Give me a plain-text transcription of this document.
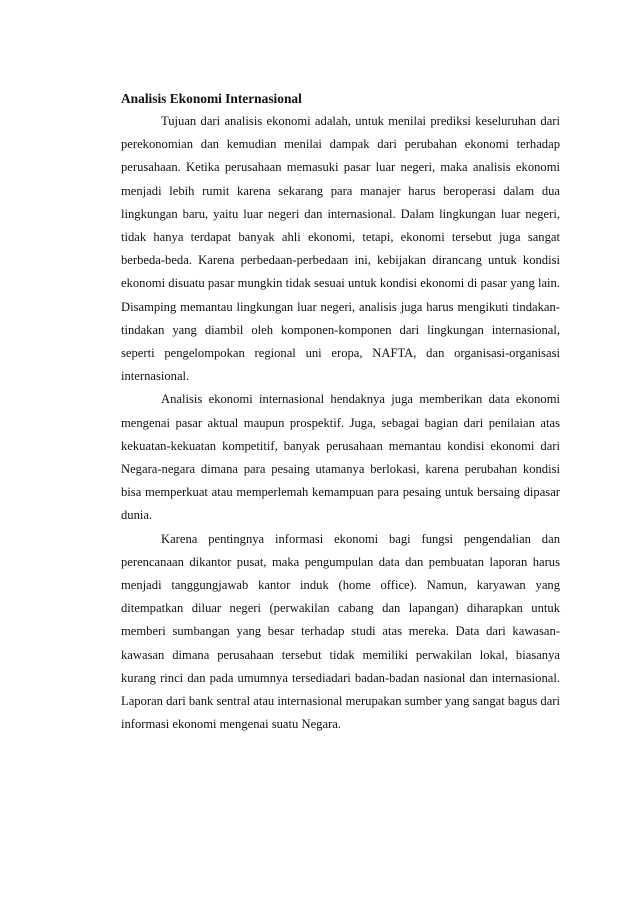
Analisis Ekonomi Internasional

Tujuan dari analisis ekonomi adalah, untuk menilai prediksi keseluruhan dari perekonomian dan kemudian menilai dampak dari perubahan ekonomi terhadap perusahaan. Ketika perusahaan memasuki pasar luar negeri, maka analisis ekonomi menjadi lebih rumit karena sekarang para manajer harus beroperasi dalam dua lingkungan baru, yaitu luar negeri dan internasional. Dalam lingkungan luar negeri, tidak hanya terdapat banyak ahli ekonomi, tetapi, ekonomi tersebut juga sangat berbeda-beda. Karena perbedaan-perbedaan ini, kebijakan dirancang untuk kondisi ekonomi disuatu pasar mungkin tidak sesuai untuk kondisi ekonomi di pasar yang lain. Disamping memantau lingkungan luar negeri, analisis juga harus mengikuti tindakan-tindakan yang diambil oleh komponen-komponen dari lingkungan internasional, seperti pengelompokan regional uni eropa, NAFTA, dan organisasi-organisasi internasional.

Analisis ekonomi internasional hendaknya juga memberikan data ekonomi mengenai pasar aktual maupun prospektif. Juga, sebagai bagian dari penilaian atas kekuatan-kekuatan kompetitif, banyak perusahaan memantau kondisi ekonomi dari Negara-negara dimana para pesaing utamanya berlokasi, karena perubahan kondisi bisa memperkuat atau memperlemah kemampuan para pesaing untuk bersaing dipasar dunia.

Karena pentingnya informasi ekonomi bagi fungsi pengendalian dan perencanaan dikantor pusat, maka pengumpulan data dan pembuatan laporan harus menjadi tanggungjawab kantor induk (home office). Namun, karyawan yang ditempatkan diluar negeri (perwakilan cabang dan lapangan) diharapkan untuk memberi sumbangan yang besar terhadap studi atas mereka. Data dari kawasan-kawasan dimana perusahaan tersebut tidak memiliki perwakilan lokal, biasanya kurang rinci dan pada umumnya tersediadari badan-badan nasional dan internasional. Laporan dari bank sentral atau internasional merupakan sumber yang sangat bagus dari informasi ekonomi mengenai suatu Negara.
